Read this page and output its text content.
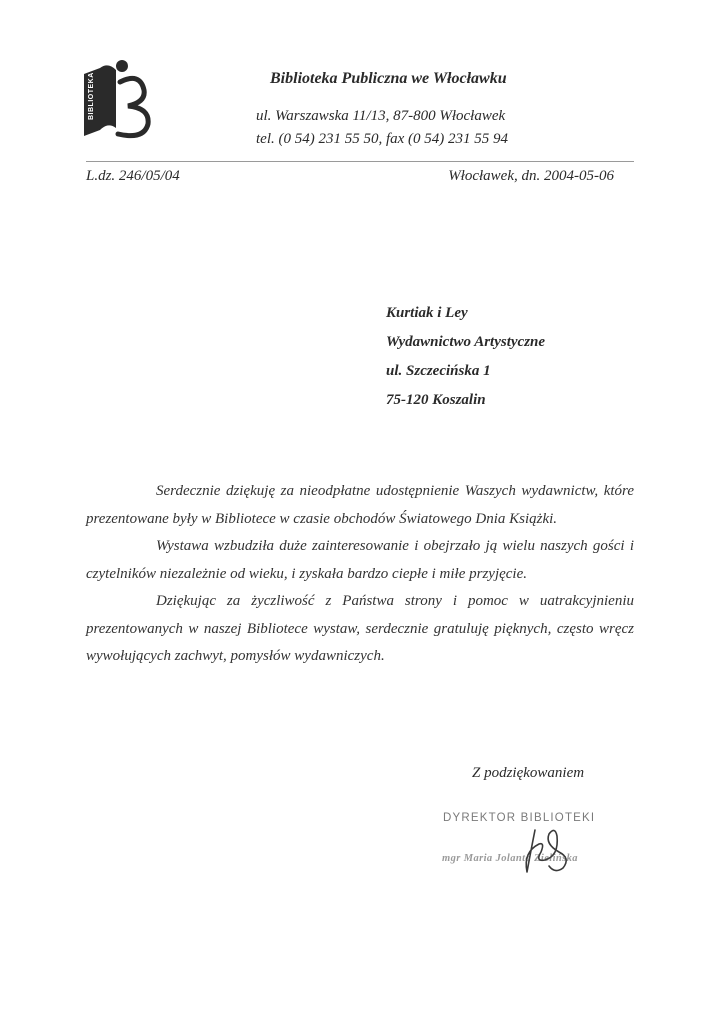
BIBLIOTEKA	Biblioteka Publiczna we Włocławku
ul. Warszawska 11/13, 87-800 Włocławek
tel. (0 54) 231 55 50, fax (0 54) 231 55 94
L.dz. 246/05/04	Włocławek, dn. 2004-05-06
Kurtiak i Ley
Wydawnictwo Artystyczne
ul. Szczecińska 1
75-120 Koszalin

Serdecznie dziękuję za nieodpłatne udostępnienie Waszych wydawnictw, które prezentowane były w Bibliotece w czasie obchodów Światowego Dnia Książki.

Wystawa wzbudziła duże zainteresowanie i obejrzało ją wielu naszych gości i czytelników niezależnie od wieku, i zyskała bardzo ciepłe i miłe przyjęcie.

Dziękując za życzliwość z Państwa strony i pomoc w uatrakcyjnieniu prezentowanych w naszej Bibliotece wystaw, serdecznie gratuluję pięknych, często wręcz wywołujących zachwyt, pomysłów wydawniczych.

Z podziękowaniem
DYREKTOR BIBLIOTEKI
mgr Maria Jolanta Zielińska
